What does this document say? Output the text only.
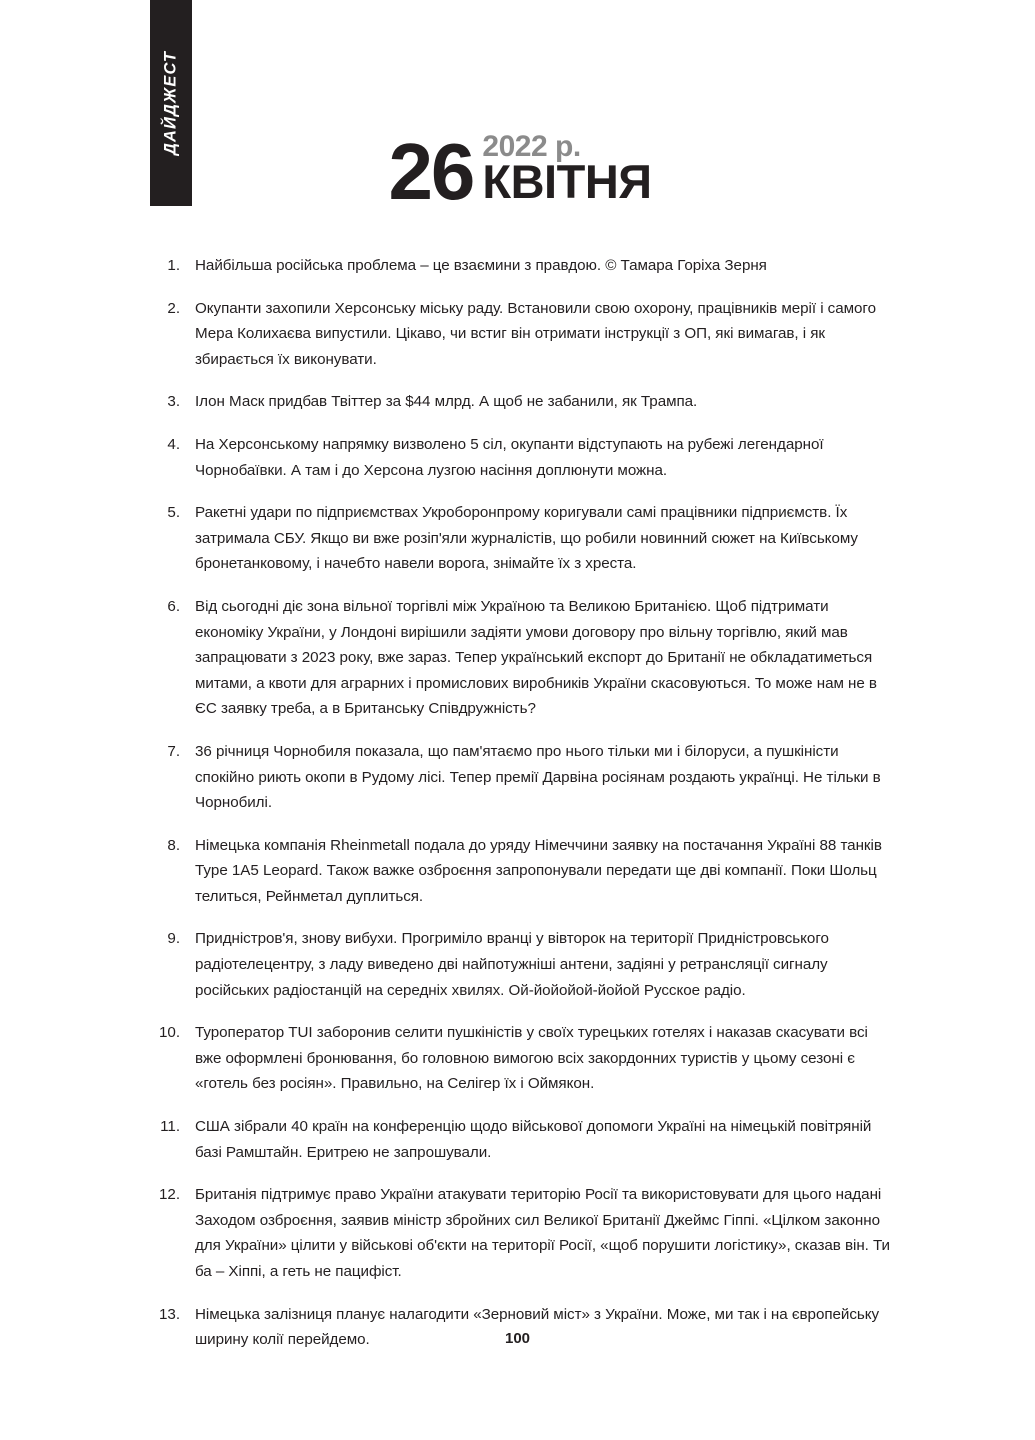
ДАЙДЖЕСТ
26 2022 р.
КВІТНЯ
1. Найбільша російська проблема – це взаємини з правдою. © Тамара Горіха Зерня
2. Окупанти захопили Херсонську міську раду. Встановили свою охорону, працівників мерії і самого Мера Колихаєва випустили. Цікаво, чи встиг він отримати інструкції з ОП, які вимагав, і як збирається їх виконувати.
3. Ілон Маск придбав Твіттер за $44 млрд. А щоб не забанили, як Трампа.
4. На Херсонському напрямку визволено 5 сіл, окупанти відступають на рубежі легендарної Чорнобаївки. А там і до Херсона лузгою насіння доплюнути можна.
5. Ракетні удари по підприємствах Укроборонпрому коригували самі працівники підприємств. Їх затримала СБУ. Якщо ви вже розіп'яли журналістів, що робили новинний сюжет на Київському бронетанковому, і начебто навели ворога, знімайте їх з хреста.
6. Від сьогодні діє зона вільної торгівлі між Україною та Великою Британією. Щоб підтримати економіку України, у Лондоні вирішили задіяти умови договору про вільну торгівлю, який мав запрацювати з 2023 року, вже зараз. Тепер український експорт до Британії не обкладатиметься митами, а квоти для аграрних і промислових виробників України скасовуються. То може нам не в ЄС заявку треба, а в Британську Співдружність?
7. 36 річниця Чорнобиля показала, що пам'ятаємо про нього тільки ми і білоруси, а пушкіністи спокійно риють окопи в Рудому лісі. Тепер премії Дарвіна росіянам роздають українці. Не тільки в Чорнобилі.
8. Німецька компанія Rheinmetall подала до уряду Німеччини заявку на постачання Україні 88 танків Type 1A5 Leopard. Також важке озброєння запропонували передати ще дві компанії. Поки Шольц телиться, Рейнметал дуплиться.
9. Придністров'я, знову вибухи. Прогриміло вранці у вівторок на території Придністровського радіотелецентру, з ладу виведено дві найпотужніші антени, задіяні у ретрансляції сигналу російських радіостанцій на середніх хвилях. Ой-йойойой-йойой Русское радіо.
10. Туроператор TUI заборонив селити пушкіністів у своїх турецьких готелях і наказав скасувати всі вже оформлені бронювання, бо головною вимогою всіх закордонних туристів у цьому сезоні є «готель без росіян». Правильно, на Селігер їх і Оймякон.
11. США зібрали 40 країн на конференцію щодо військової допомоги Україні на німецькій повітряній базі Рамштайн. Еритрею не запрошували.
12. Британія підтримує право України атакувати територію Росії та використовувати для цього надані Заходом озброєння, заявив міністр збройних сил Великої Британії Джеймс Гіппі. «Цілком законно для України» цілити у військові об'єкти на території Росії, «щоб порушити логістику», сказав він. Ти ба – Хіппі, а геть не пацифіст.
13. Німецька залізниця планує налагодити «Зерновий міст» з України. Може, ми так і на європейську ширину колії перейдемо.	100
